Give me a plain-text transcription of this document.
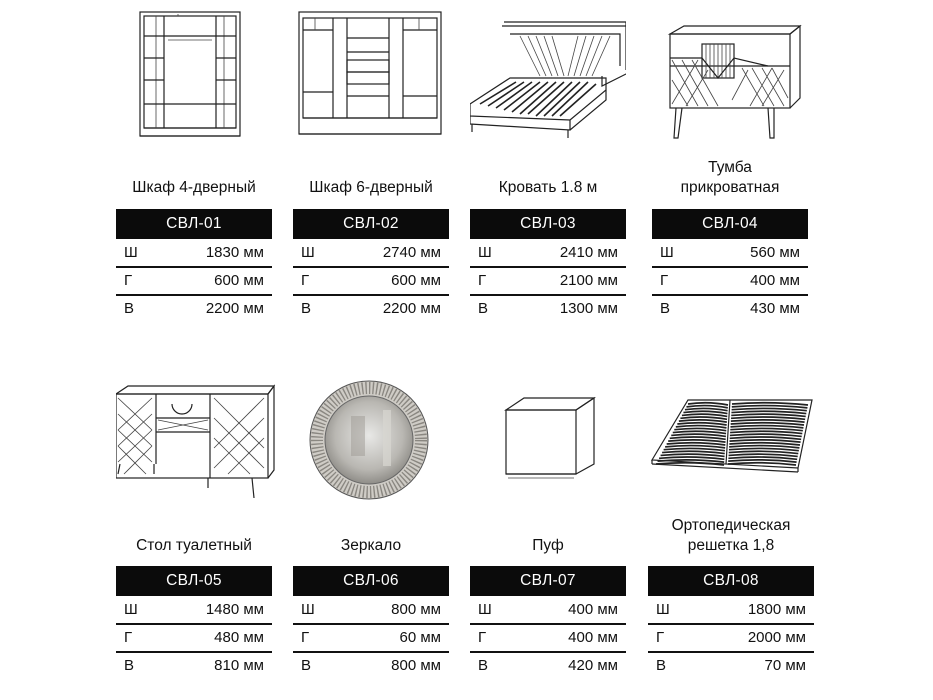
Шкаф 4-дверный
СВЛ-01
Ш	1830 мм
Г	600 мм
В	2200 мм
Шкаф 6-дверный
СВЛ-02
Ш	2740 мм
Г	600 мм
В	2200 мм
Кровать 1.8 м
СВЛ-03
Ш	2410 мм
Г	2100 мм
В	1300 мм
Тумба
прикроватная
СВЛ-04
Ш	560 мм
Г	400 мм
В	430 мм
Стол туалетный
СВЛ-05
Ш	1480 мм
Г	480 мм
В	810 мм
Зеркало
СВЛ-06
Ш	800 мм
Г	60 мм
В	800 мм
Пуф
СВЛ-07
Ш	400 мм
Г	400 мм
В	420 мм
Ортопедическая
решетка 1,8
СВЛ-08
Ш	1800 мм
Г	2000 мм
В	70 мм
